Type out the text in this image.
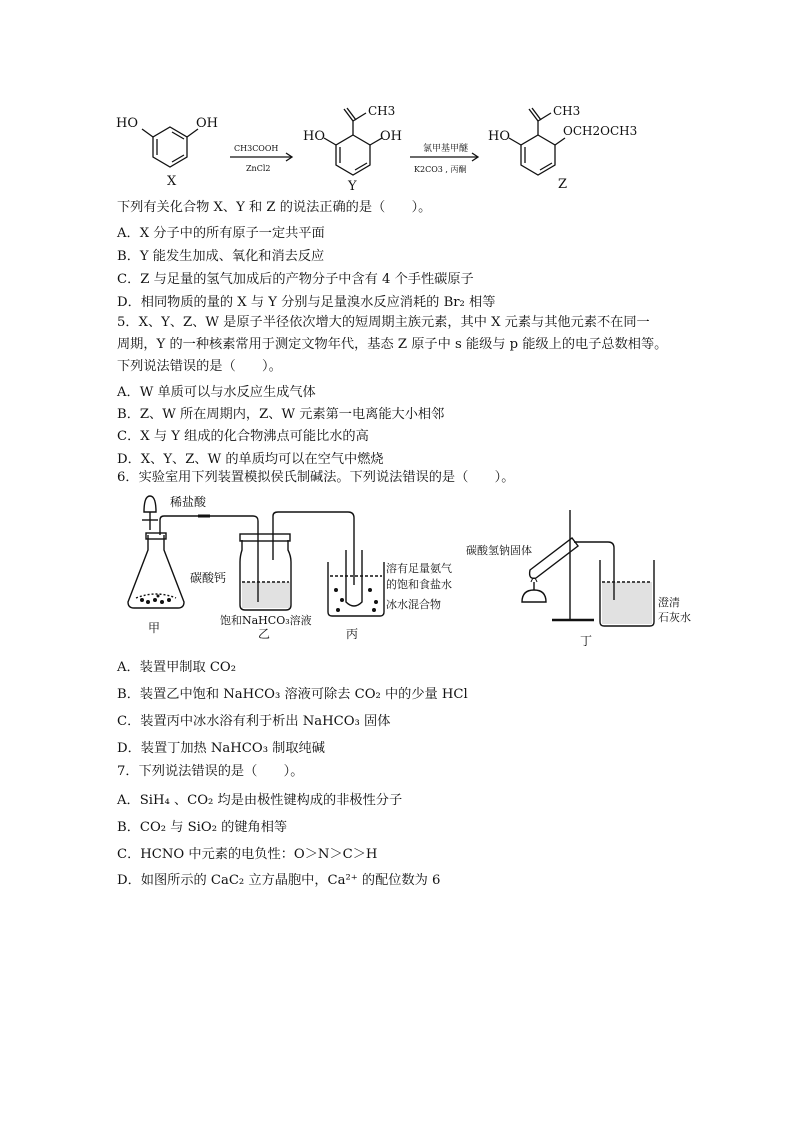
HO	OH
X
CH3COOH
ZnCl2
CH3
HO	OH
Y
氯甲基甲醚
K2CO3 , 丙酮
CH3
HO	OCH2OCH3
Z
下列有关化合物 X、Y 和 Z 的说法正确的是（　　）。
A．X 分子中的所有原子一定共平面
B．Y 能发生加成、氧化和消去反应
C．Z 与足量的氢气加成后的产物分子中含有 4 个手性碳原子
D．相同物质的量的 X 与 Y 分别与足量溴水反应消耗的 Br₂ 相等
5．X、Y、Z、W 是原子半径依次增大的短周期主族元素，其中 X 元素与其他元素不在同一
周期，Y 的一种核素常用于测定文物年代，基态 Z 原子中 s 能级与 p 能级上的电子总数相等。
下列说法错误的是（　　）。
A．W 单质可以与水反应生成气体
B．Z、W 所在周期内，Z、W 元素第一电离能大小相邻
C．X 与 Y 组成的化合物沸点可能比水的高
D．X、Y、Z、W 的单质均可以在空气中燃烧
6．实验室用下列装置模拟侯氏制碱法。下列说法错误的是（　　）。
稀盐酸
碳酸钙
饱和NaHCO₃溶液
溶有足量氨气
的饱和食盐水
冰水混合物
碳酸氢钠固体
澄清
石灰水
甲	乙	丙	丁
A．装置甲制取 CO₂
B．装置乙中饱和 NaHCO₃ 溶液可除去 CO₂ 中的少量 HCl
C．装置丙中冰水浴有利于析出 NaHCO₃ 固体
D．装置丁加热 NaHCO₃ 制取纯碱
7．下列说法错误的是（　　）。
A．SiH₄ 、CO₂ 均是由极性键构成的非极性分子
B．CO₂ 与 SiO₂ 的键角相等
C．HCNO 中元素的电负性：O＞N＞C＞H
D．如图所示的 CaC₂ 立方晶胞中，Ca²⁺ 的配位数为 6
